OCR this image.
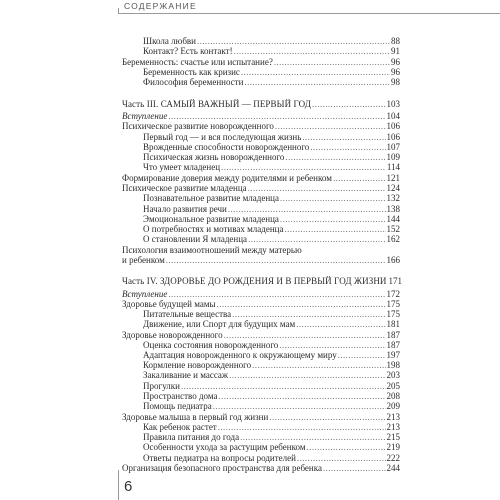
СОДЕРЖАНИЕ
Школа любви .....	88
Контакт? Есть контакт! .....	91
Беременность: счастье или испытание? .....	96
Беременность как кризис .....	96
Философия беременности .....	98
Часть III. САМЫЙ ВАЖНЫЙ — ПЕРВЫЙ ГОД .....	103
Вступление .....	104
Психическое развитие новорожденного .....	106
Первый год — и вся последующая жизнь .....	106
Врожденные способности новорожденного .....	107
Психическая жизнь новорожденного .....	109
Что умеет младенец .....	114
Формирование доверия между родителями и ребенком .....	121
Психическое развитие младенца .....	124
Познавательное развитие младенца .....	132
Начало развития речи .....	138
Эмоциональное развитие младенца .....	144
О потребностях и мотивах младенца .....	152
О становлении Я младенца .....	162
Психология взаимоотношений между матерью
и ребенком .....	166
Часть IV. ЗДОРОВЬЕ ДО РОЖДЕНИЯ И В ПЕРВЫЙ ГОД ЖИЗНИ 171
Вступление .....	172
Здоровье будущей мамы .....	175
Питательные вещества .....	175
Движение, или Спорт для будущих мам .....	181
Здоровье новорожденного .....	187
Оценка состояния новорожденного .....	187
Адаптация новорожденного к окружающему миру .....	197
Кормление новорожденного .....	198
Закаливание и массаж .....	203
Прогулки .....	205
Пространство дома .....	208
Помощь педиатра .....	209
Здоровье малыша в первый год жизни .....	213
Как ребенок растет .....	213
Правила питания до года .....	215
Особенности ухода за растущим ребенком .....	219
Ответы педиатра на вопросы родителей .....	222
Организация безопасного пространства для ребенка .....	244
6
